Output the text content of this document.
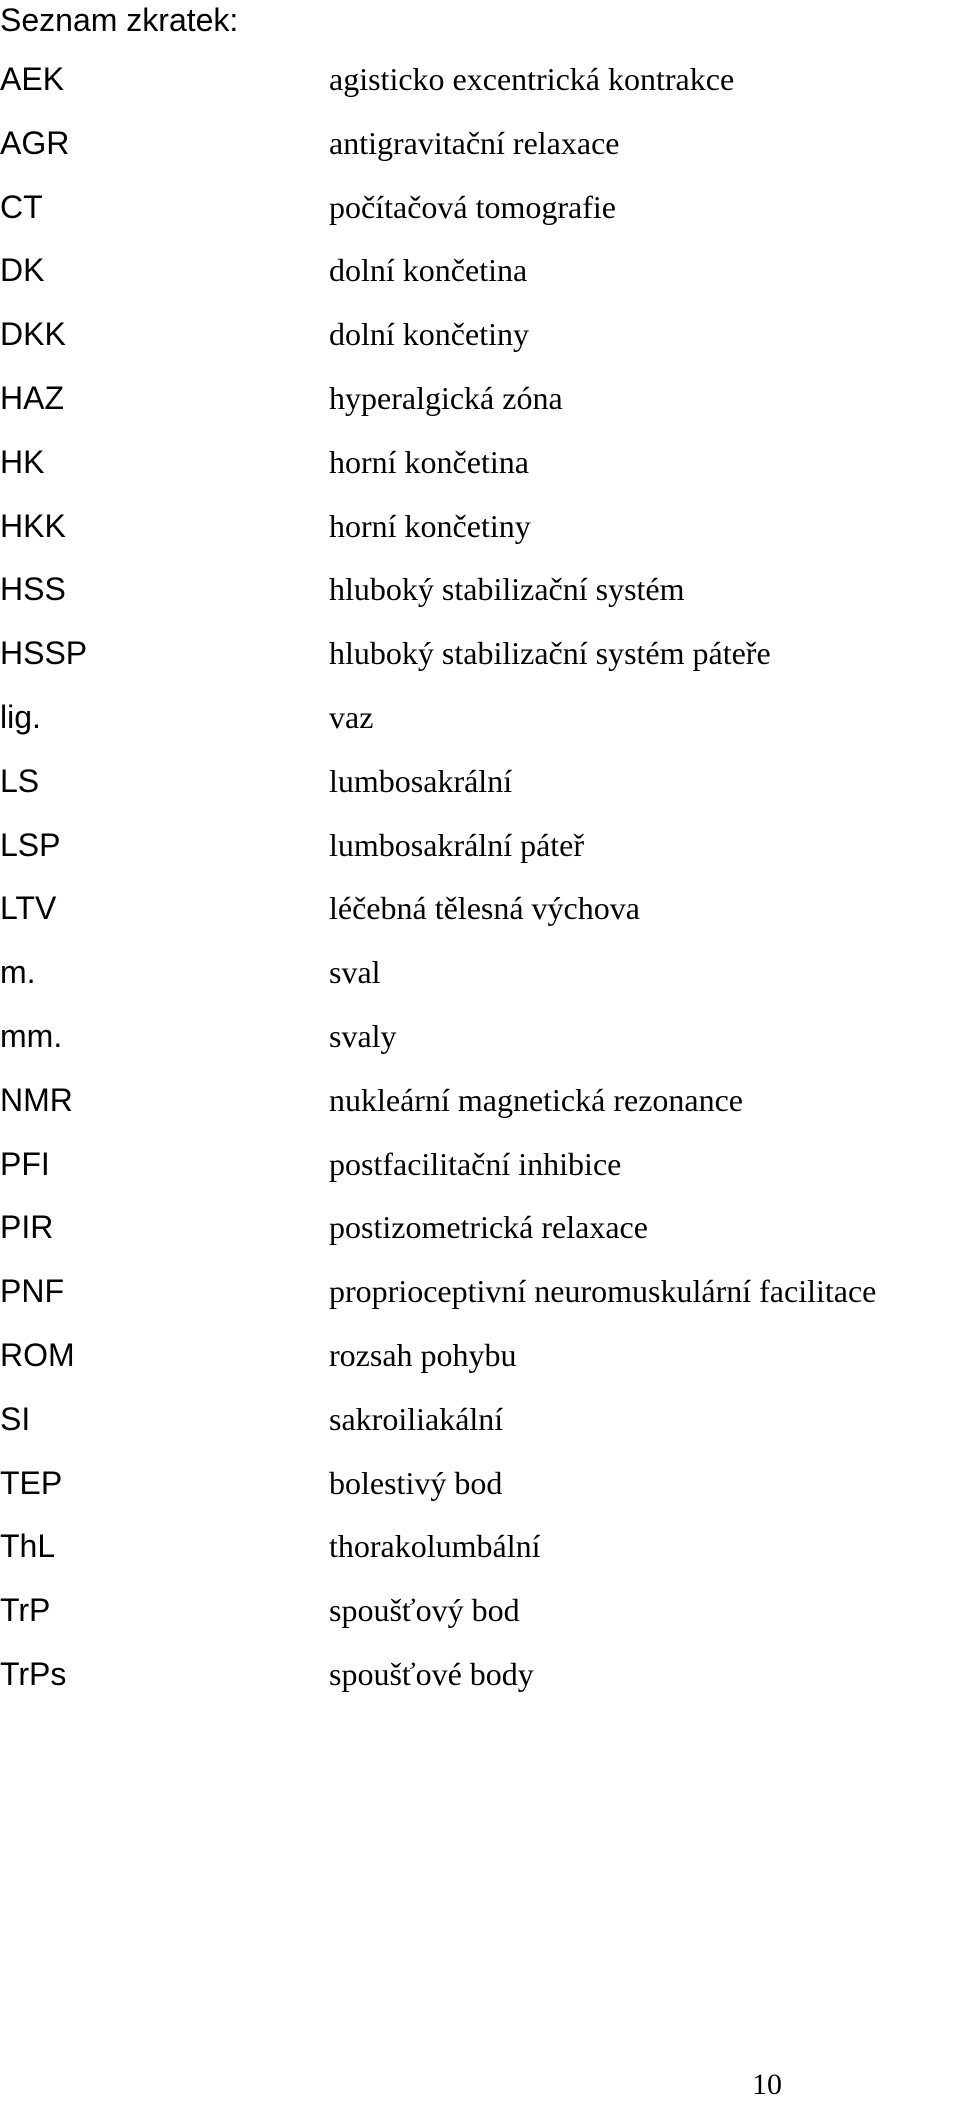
Seznam zkratek:
AEK	agisticko excentrická kontrakce
AGR	antigravitační relaxace
CT	počítačová tomografie
DK	dolní končetina
DKK	dolní končetiny
HAZ	hyperalgická zóna
HK	horní končetina
HKK	horní končetiny
HSS	hluboký stabilizační systém
HSSP	hluboký stabilizační systém páteře
lig.	vaz
LS	lumbosakrální
LSP	lumbosakrální páteř
LTV	léčebná tělesná výchova
m.	sval
mm.	svaly
NMR	nukleární magnetická rezonance
PFI	postfacilitační inhibice
PIR	postizometrická relaxace
PNF	proprioceptivní neuromuskulární facilitace
ROM	rozsah pohybu
SI	sakroiliakální
TEP	bolestivý bod
ThL	thorakolumbální
TrP	spoušťový bod
TrPs	spoušťové body
10
